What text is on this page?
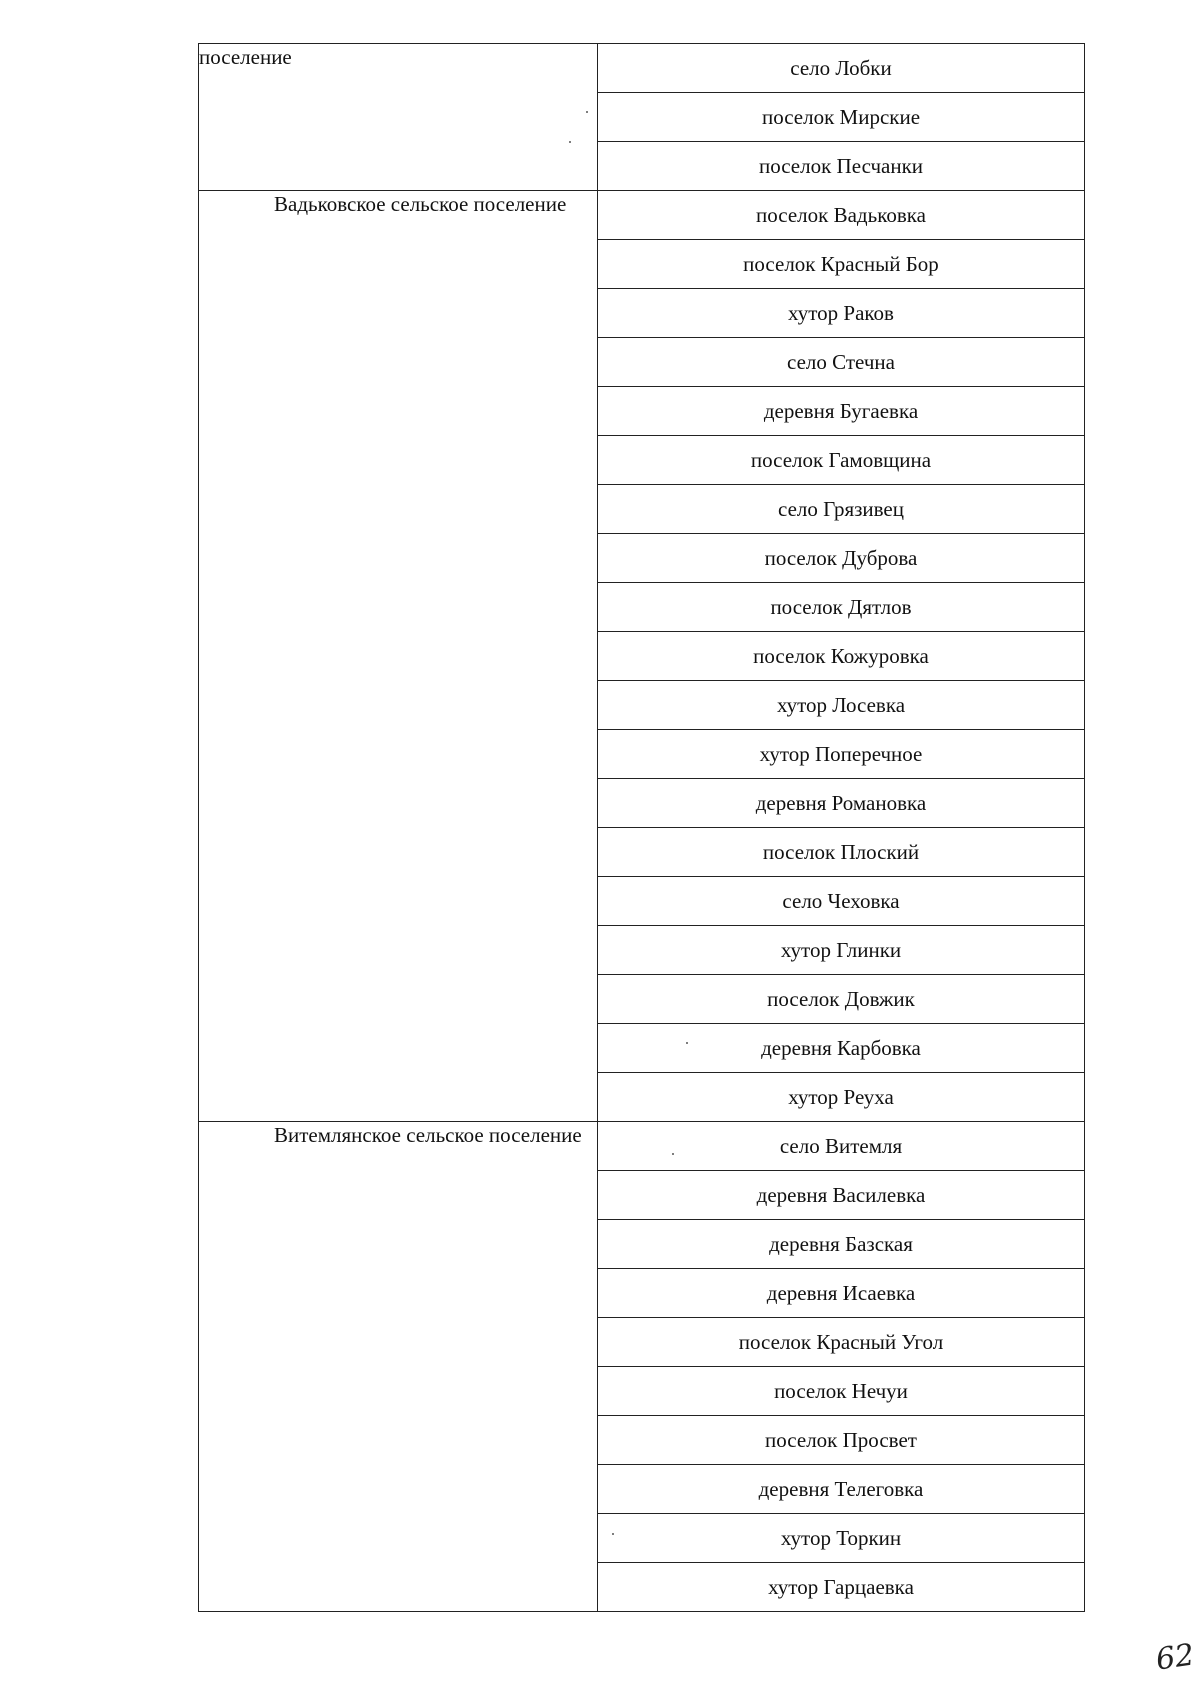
поселение	село Лобки
	поселок Мирские
	поселок Песчанки

Вадьковское сельское поселение	поселок Вадьковка
	поселок Красный Бор
	хутор Раков
	село Стечна
	деревня Бугаевка
	поселок Гамовщина
	село Грязивец
	поселок Дуброва
	поселок Дятлов
	поселок Кожуровка
	хутор Лосевка
	хутор Поперечное
	деревня Романовка
	поселок Плоский
	село Чеховка
	хутор Глинки
	поселок Довжик
	деревня Карбовка
	хутор Реуха

Витемлянское сельское поселение	село Витемля
	деревня Василевка
	деревня Базская
	деревня Исаевка
	поселок Красный Угол
	поселок Нечуи
	поселок Просвет
	деревня Телеговка
	хутор Торкин
	хутор Гарцаевка
62
